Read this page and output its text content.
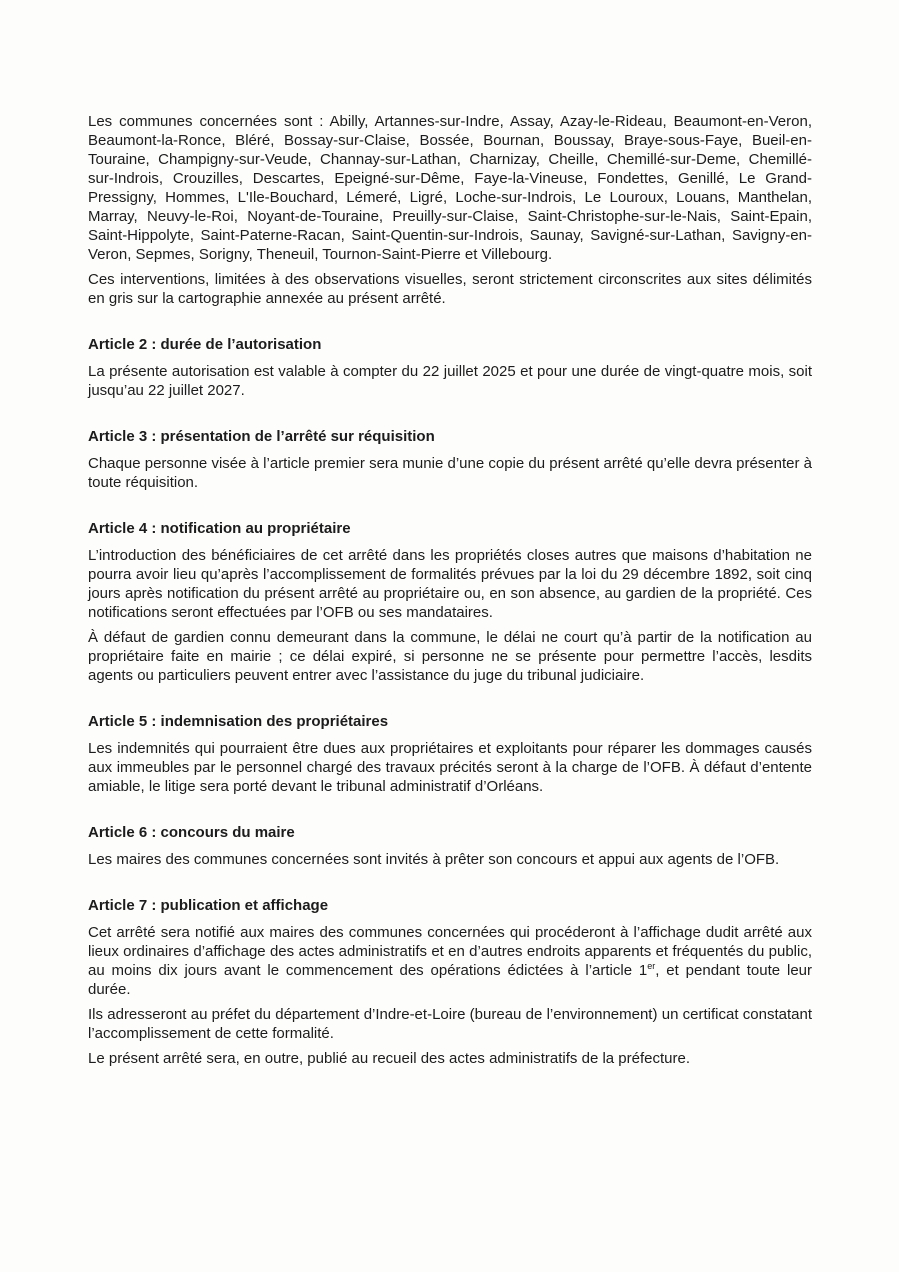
Les communes concernées sont : Abilly, Artannes-sur-Indre, Assay, Azay-le-Rideau, Beaumont-en-Veron, Beaumont-la-Ronce, Bléré, Bossay-sur-Claise, Bossée, Bournan, Boussay, Braye-sous-Faye, Bueil-en-Touraine, Champigny-sur-Veude, Channay-sur-Lathan, Charnizay, Cheille, Chemillé-sur-Deme, Chemillé-sur-Indrois, Crouzilles, Descartes, Epeigné-sur-Dême, Faye-la-Vineuse, Fondettes, Genillé, Le Grand-Pressigny, Hommes, L'Ile-Bouchard, Lémeré, Ligré, Loche-sur-Indrois, Le Louroux, Louans, Manthelan, Marray, Neuvy-le-Roi, Noyant-de-Touraine, Preuilly-sur-Claise, Saint-Christophe-sur-le-Nais, Saint-Epain, Saint-Hippolyte, Saint-Paterne-Racan, Saint-Quentin-sur-Indrois, Saunay, Savigné-sur-Lathan, Savigny-en-Veron, Sepmes, Sorigny, Theneuil, Tournon-Saint-Pierre et Villebourg.

Ces interventions, limitées à des observations visuelles, seront strictement circonscrites aux sites délimités en gris sur la cartographie annexée au présent arrêté.

Article 2 : durée de l’autorisation

La présente autorisation est valable à compter du 22 juillet 2025 et pour une durée de vingt-quatre mois, soit jusqu’au 22 juillet 2027.

Article 3 : présentation de l’arrêté sur réquisition

Chaque personne visée à l’article premier sera munie d’une copie du présent arrêté qu’elle devra présenter à toute réquisition.

Article 4 : notification au propriétaire

L’introduction des bénéficiaires de cet arrêté dans les propriétés closes autres que maisons d’habitation ne pourra avoir lieu qu’après l’accomplissement de formalités prévues par la loi du 29 décembre 1892, soit cinq jours après notification du présent arrêté au propriétaire ou, en son absence, au gardien de la propriété. Ces notifications seront effectuées par l’OFB ou ses mandataires.

À défaut de gardien connu demeurant dans la commune, le délai ne court qu’à partir de la notification au propriétaire faite en mairie ; ce délai expiré, si personne ne se présente pour permettre l’accès, lesdits agents ou particuliers peuvent entrer avec l’assistance du juge du tribunal judiciaire.

Article 5 : indemnisation des propriétaires

Les indemnités qui pourraient être dues aux propriétaires et exploitants pour réparer les dommages causés aux immeubles par le personnel chargé des travaux précités seront à la charge de l’OFB. À défaut d’entente amiable, le litige sera porté devant le tribunal administratif d’Orléans.

Article 6 : concours du maire

Les maires des communes concernées sont invités à prêter son concours et appui aux agents de l’OFB.

Article 7 : publication et affichage

Cet arrêté sera notifié aux maires des communes concernées qui procéderont à l’affichage dudit arrêté aux lieux ordinaires d’affichage des actes administratifs et en d’autres endroits apparents et fréquentés du public, au moins dix jours avant le commencement des opérations édictées à l’article 1er, et pendant toute leur durée.

Ils adresseront au préfet du département d’Indre-et-Loire (bureau de l’environnement) un certificat constatant l’accomplissement de cette formalité.

Le présent arrêté sera, en outre, publié au recueil des actes administratifs de la préfecture.
